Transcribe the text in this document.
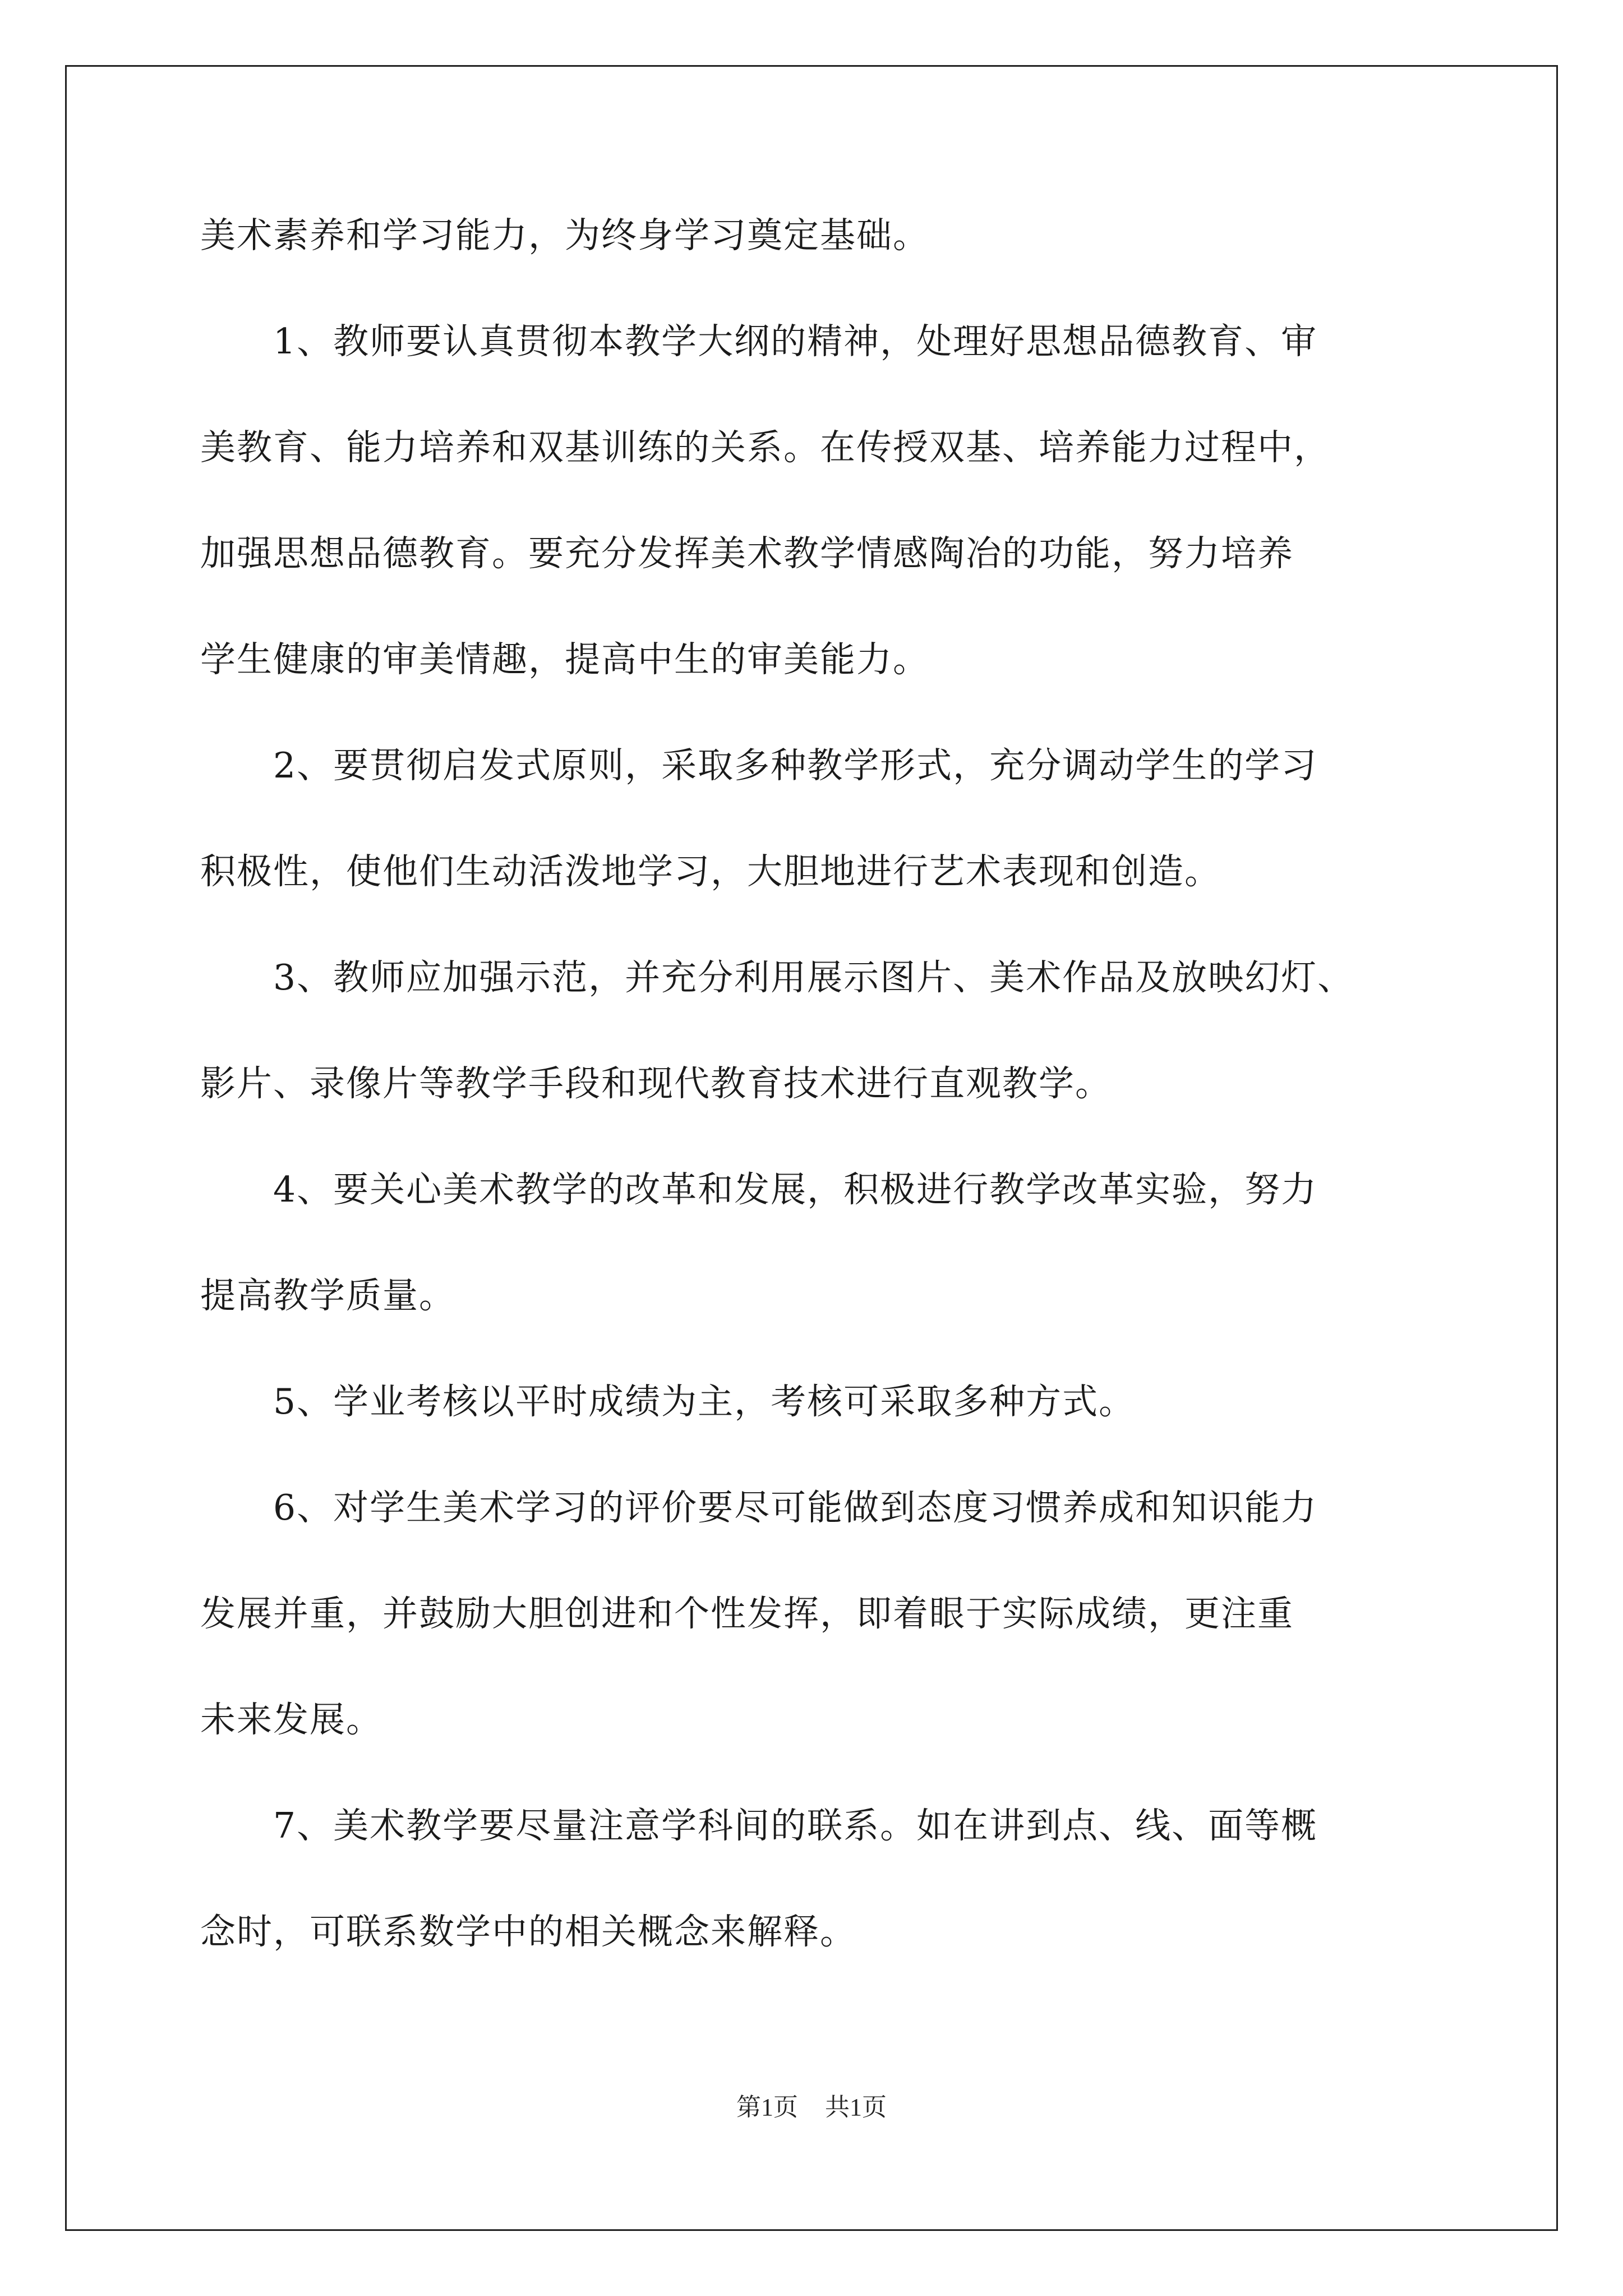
美术素养和学习能力，为终身学习奠定基础。
　　1、教师要认真贯彻本教学大纲的精神，处理好思想品德教育、审
美教育、能力培养和双基训练的关系。在传授双基、培养能力过程中，
加强思想品德教育。要充分发挥美术教学情感陶冶的功能，努力培养
学生健康的审美情趣，提高中生的审美能力。
　　2、要贯彻启发式原则，采取多种教学形式，充分调动学生的学习
积极性，使他们生动活泼地学习，大胆地进行艺术表现和创造。
　　3、教师应加强示范，并充分利用展示图片、美术作品及放映幻灯、
影片、录像片等教学手段和现代教育技术进行直观教学。
　　4、要关心美术教学的改革和发展，积极进行教学改革实验，努力
提高教学质量。
　　5、学业考核以平时成绩为主，考核可采取多种方式。
　　6、对学生美术学习的评价要尽可能做到态度习惯养成和知识能力
发展并重，并鼓励大胆创进和个性发挥，即着眼于实际成绩，更注重
未来发展。
　　7、美术教学要尽量注意学科间的联系。如在讲到点、线、面等概
念时，可联系数学中的相关概念来解释。
第1页 共1页
